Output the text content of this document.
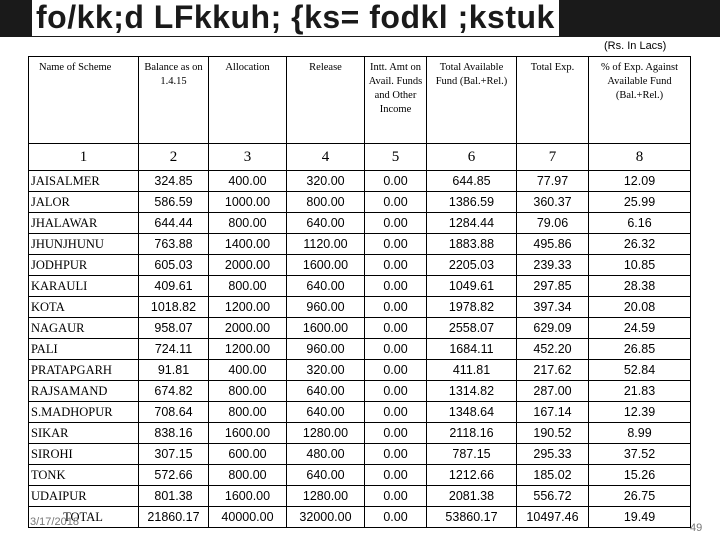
fo/kk;d LFkkuh; {ks= fodkl ;kstuk
(Rs. In Lacs)
Name of Scheme	Balance as on 1.4.15	Allocation	Release	Intt. Amt on Avail. Funds and Other Income	Total Available Fund (Bal.+Rel.)	Total Exp.	% of Exp. Against Available Fund (Bal.+Rel.)
1	2	3	4	5	6	7	8
JAISALMER	324.85	400.00	320.00	0.00	644.85	77.97	12.09
JALOR	586.59	1000.00	800.00	0.00	1386.59	360.37	25.99
JHALAWAR	644.44	800.00	640.00	0.00	1284.44	79.06	6.16
JHUNJHUNU	763.88	1400.00	1120.00	0.00	1883.88	495.86	26.32
JODHPUR	605.03	2000.00	1600.00	0.00	2205.03	239.33	10.85
KARAULI	409.61	800.00	640.00	0.00	1049.61	297.85	28.38
KOTA	1018.82	1200.00	960.00	0.00	1978.82	397.34	20.08
NAGAUR	958.07	2000.00	1600.00	0.00	2558.07	629.09	24.59
PALI	724.11	1200.00	960.00	0.00	1684.11	452.20	26.85
PRATAPGARH	91.81	400.00	320.00	0.00	411.81	217.62	52.84
RAJSAMAND	674.82	800.00	640.00	0.00	1314.82	287.00	21.83
S.MADHOPUR	708.64	800.00	640.00	0.00	1348.64	167.14	12.39
SIKAR	838.16	1600.00	1280.00	0.00	2118.16	190.52	8.99
SIROHI	307.15	600.00	480.00	0.00	787.15	295.33	37.52
TONK	572.66	800.00	640.00	0.00	1212.66	185.02	15.26
UDAIPUR	801.38	1600.00	1280.00	0.00	2081.38	556.72	26.75
TOTAL	21860.17	40000.00	32000.00	0.00	53860.17	10497.46	19.49
3/17/2018	49
